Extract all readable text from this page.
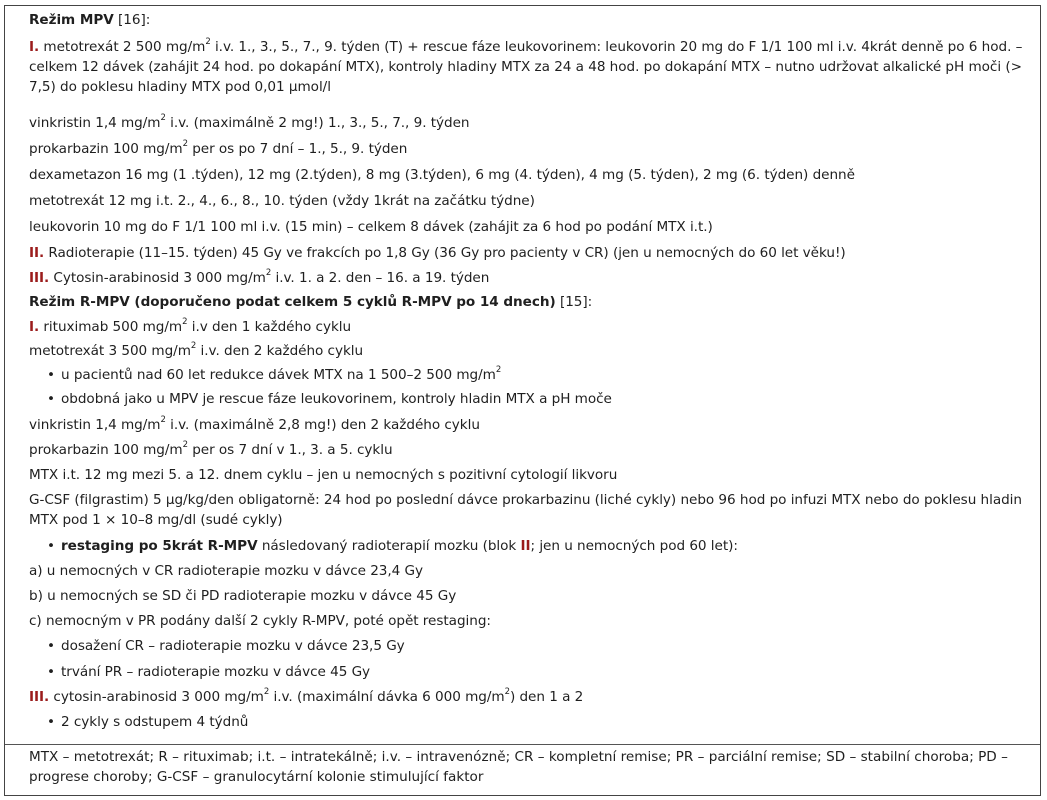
Režim MPV [16]:
I. metotrexát 2 500 $mg/m^2$ i.v. 1., 3., 5., 7., 9. týden (T) + rescue fáze leukovorinem: leukovorin 20 mg do F 1/1 100 ml i.v. 4krát denně po 6 hod. – celkem 12 dávek (zahájit 24 hod. po dokapání MTX), kontroly hladiny MTX za 24 a 48 hod. po dokapání MTX – nutno udržovat alkalické pH moči (> 7,5) do poklesu hladiny MTX pod 0,01 µmol/l
vinkristin 1,4 $mg/m^2$ i.v. (maximálně 2 mg!) 1., 3., 5., 7., 9. týden
prokarbazin 100 $mg/m^2$ per os po 7 dní – 1., 5., 9. týden
dexametazon 16 mg (1 .týden), 12 mg (2.týden), 8 mg (3.týden), 6 mg (4. týden), 4 mg (5. týden), 2 mg (6. týden) denně
metotrexát 12 mg i.t. 2., 4., 6., 8., 10. týden (vždy 1krát na začátku týdne)
leukovorin 10 mg do F 1/1 100 ml i.v. (15 min) – celkem 8 dávek (zahájit za 6 hod po podání MTX i.t.)
II. Radioterapie (11–15. týden) 45 Gy ve frakcích po 1,8 Gy (36 Gy pro pacienty v CR) (jen u nemocných do 60 let věku!)
III. Cytosin-arabinosid 3 000 $mg/m^2$ i.v. 1. a 2. den – 16. a 19. týden
Režim R-MPV (doporučeno podat celkem 5 cyklů R-MPV po 14 dnech) [15]:
I. rituximab 500 $mg/m^2$ i.v den 1 každého cyklu
metotrexát 3 500 $mg/m^2$ i.v. den 2 každého cyklu
• u pacientů nad 60 let redukce dávek MTX na 1 500–2 500 $mg/m^2$
• obdobná jako u MPV je rescue fáze leukovorinem, kontroly hladin MTX a pH moče
vinkristin 1,4 $mg/m^2$ i.v. (maximálně 2,8 mg!) den 2 každého cyklu
prokarbazin 100 $mg/m^2$ per os 7 dní v 1., 3. a 5. cyklu
MTX i.t. 12 mg mezi 5. a 12. dnem cyklu – jen u nemocných s pozitivní cytologií likvoru
G-CSF (filgrastim) 5 µg/kg/den obligatorně: 24 hod po poslední dávce prokarbazinu (liché cykly) nebo 96 hod po infuzi MTX nebo do poklesu hladin MTX pod 1 × 10–8 mg/dl (sudé cykly)
• restaging po 5krát R-MPV následovaný radioterapií mozku (blok II; jen u nemocných pod 60 let):
a) u nemocných v CR radioterapie mozku v dávce 23,4 Gy
b) u nemocných se SD či PD radioterapie mozku v dávce 45 Gy
c) nemocným v PR podány další 2 cykly R-MPV, poté opět restaging:
• dosažení CR – radioterapie mozku v dávce 23,5 Gy
• trvání PR – radioterapie mozku v dávce 45 Gy
III. cytosin-arabinosid 3 000 $mg/m^2$ i.v. (maximální dávka 6 000 $mg/m^2$) den 1 a 2
• 2 cykly s odstupem 4 týdnů
MTX – metotrexát; R – rituximab; i.t. – intratekálně; i.v. – intravenózně; CR – kompletní remise; PR – parciální remise; SD – stabilní choroba; PD – progrese choroby; G-CSF – granulocytární kolonie stimulující faktor
